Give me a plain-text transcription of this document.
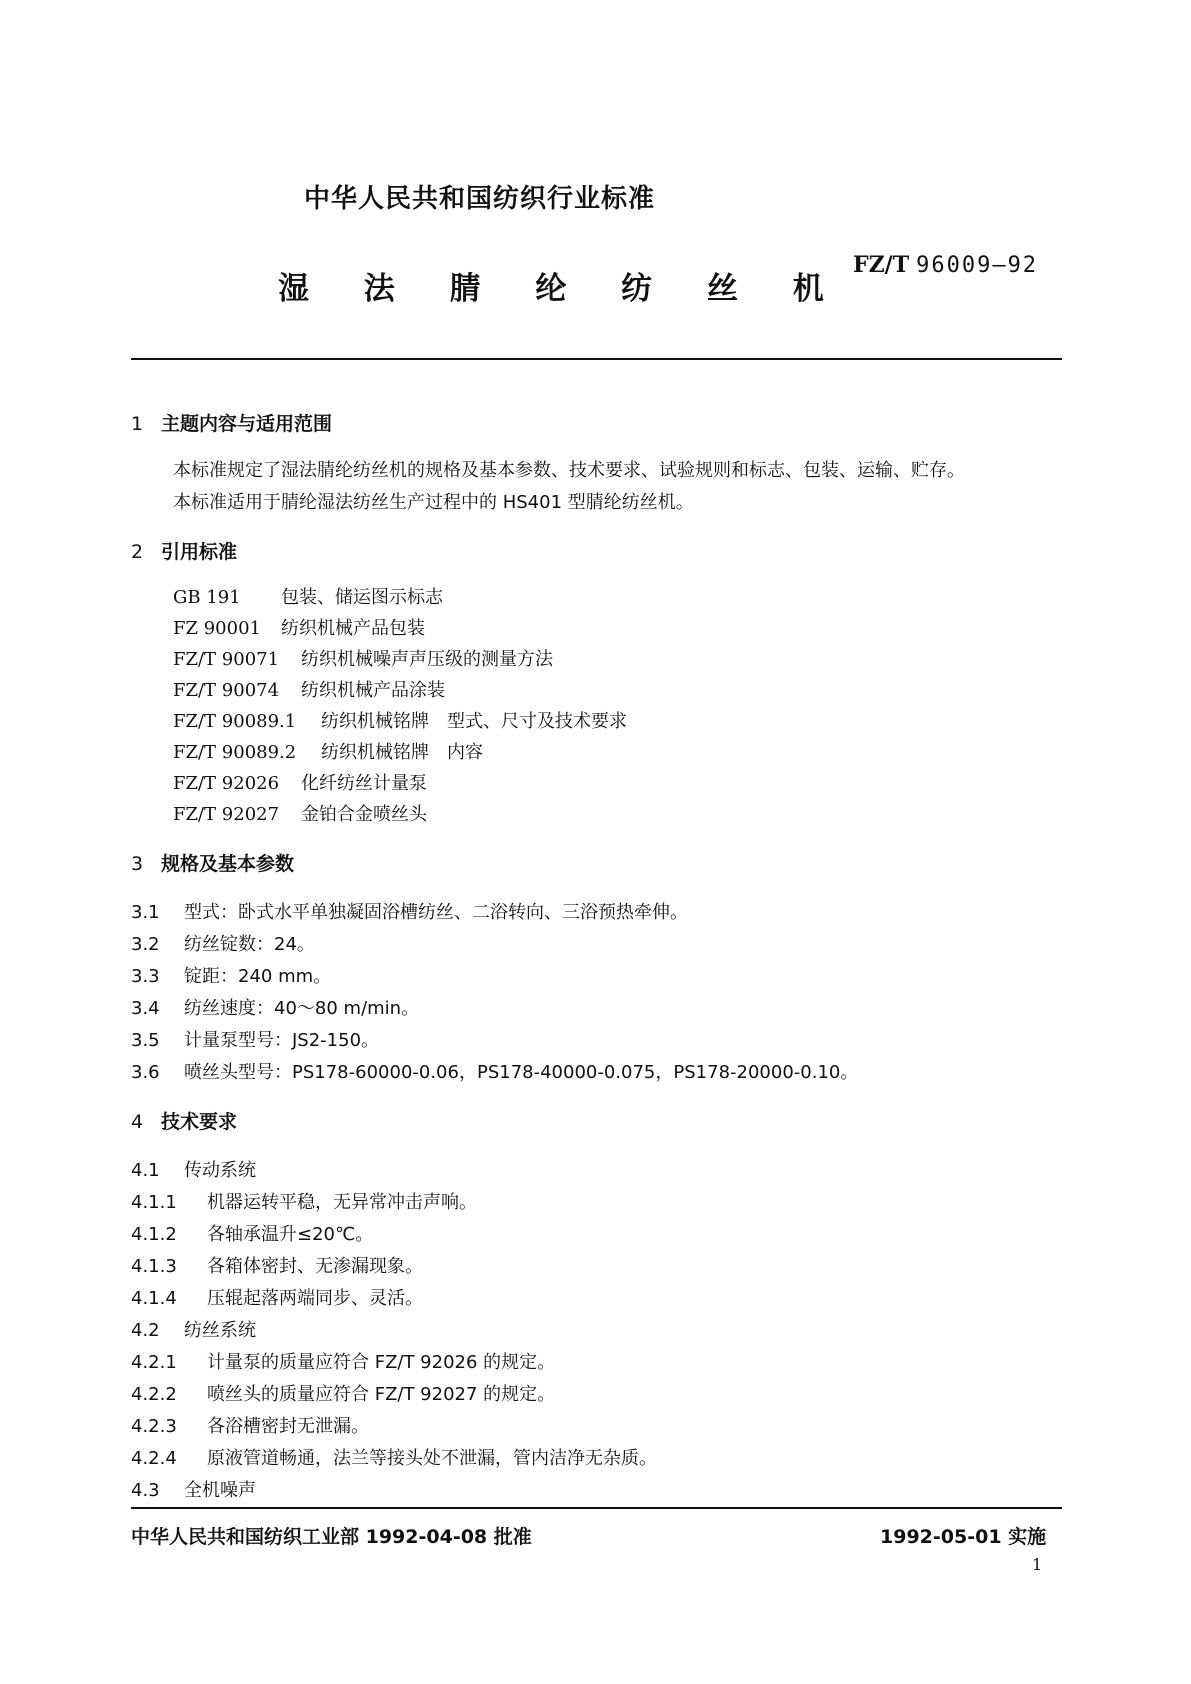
中华人民共和国纺织行业标准
湿 法 腈 纶 纺 丝 机
FZ/T 96009—92
1 主题内容与适用范围
本标准规定了湿法腈纶纺丝机的规格及基本参数、技术要求、试验规则和标志、包装、运输、贮存。
本标准适用于腈纶湿法纺丝生产过程中的 HS401 型腈纶纺丝机。
2 引用标准
GB 191 包装、储运图示标志
FZ 90001 纺织机械产品包装
FZ/T 90071 纺织机械噪声声压级的测量方法
FZ/T 90074 纺织机械产品涂装
FZ/T 90089.1 纺织机械铭牌　型式、尺寸及技术要求
FZ/T 90089.2 纺织机械铭牌　内容
FZ/T 92026 化纤纺丝计量泵
FZ/T 92027 金铂合金喷丝头
3 规格及基本参数
3.1 型式：卧式水平单独凝固浴槽纺丝、二浴转向、三浴预热牵伸。
3.2 纺丝锭数：24。
3.3 锭距：240 mm。
3.4 纺丝速度：40～80 m/min。
3.5 计量泵型号：JS2-150。
3.6 喷丝头型号：PS178-60000-0.06，PS178-40000-0.075，PS178-20000-0.10。
4 技术要求
4.1 传动系统
4.1.1 机器运转平稳，无异常冲击声响。
4.1.2 各轴承温升≤20℃。
4.1.3 各箱体密封、无渗漏现象。
4.1.4 压辊起落两端同步、灵活。
4.2 纺丝系统
4.2.1 计量泵的质量应符合 FZ/T 92026 的规定。
4.2.2 喷丝头的质量应符合 FZ/T 92027 的规定。
4.2.3 各浴槽密封无泄漏。
4.2.4 原液管道畅通，法兰等接头处不泄漏，管内洁净无杂质。
4.3 全机噪声
中华人民共和国纺织工业部 1992-04-08 批准	1992-05-01 实施
1
